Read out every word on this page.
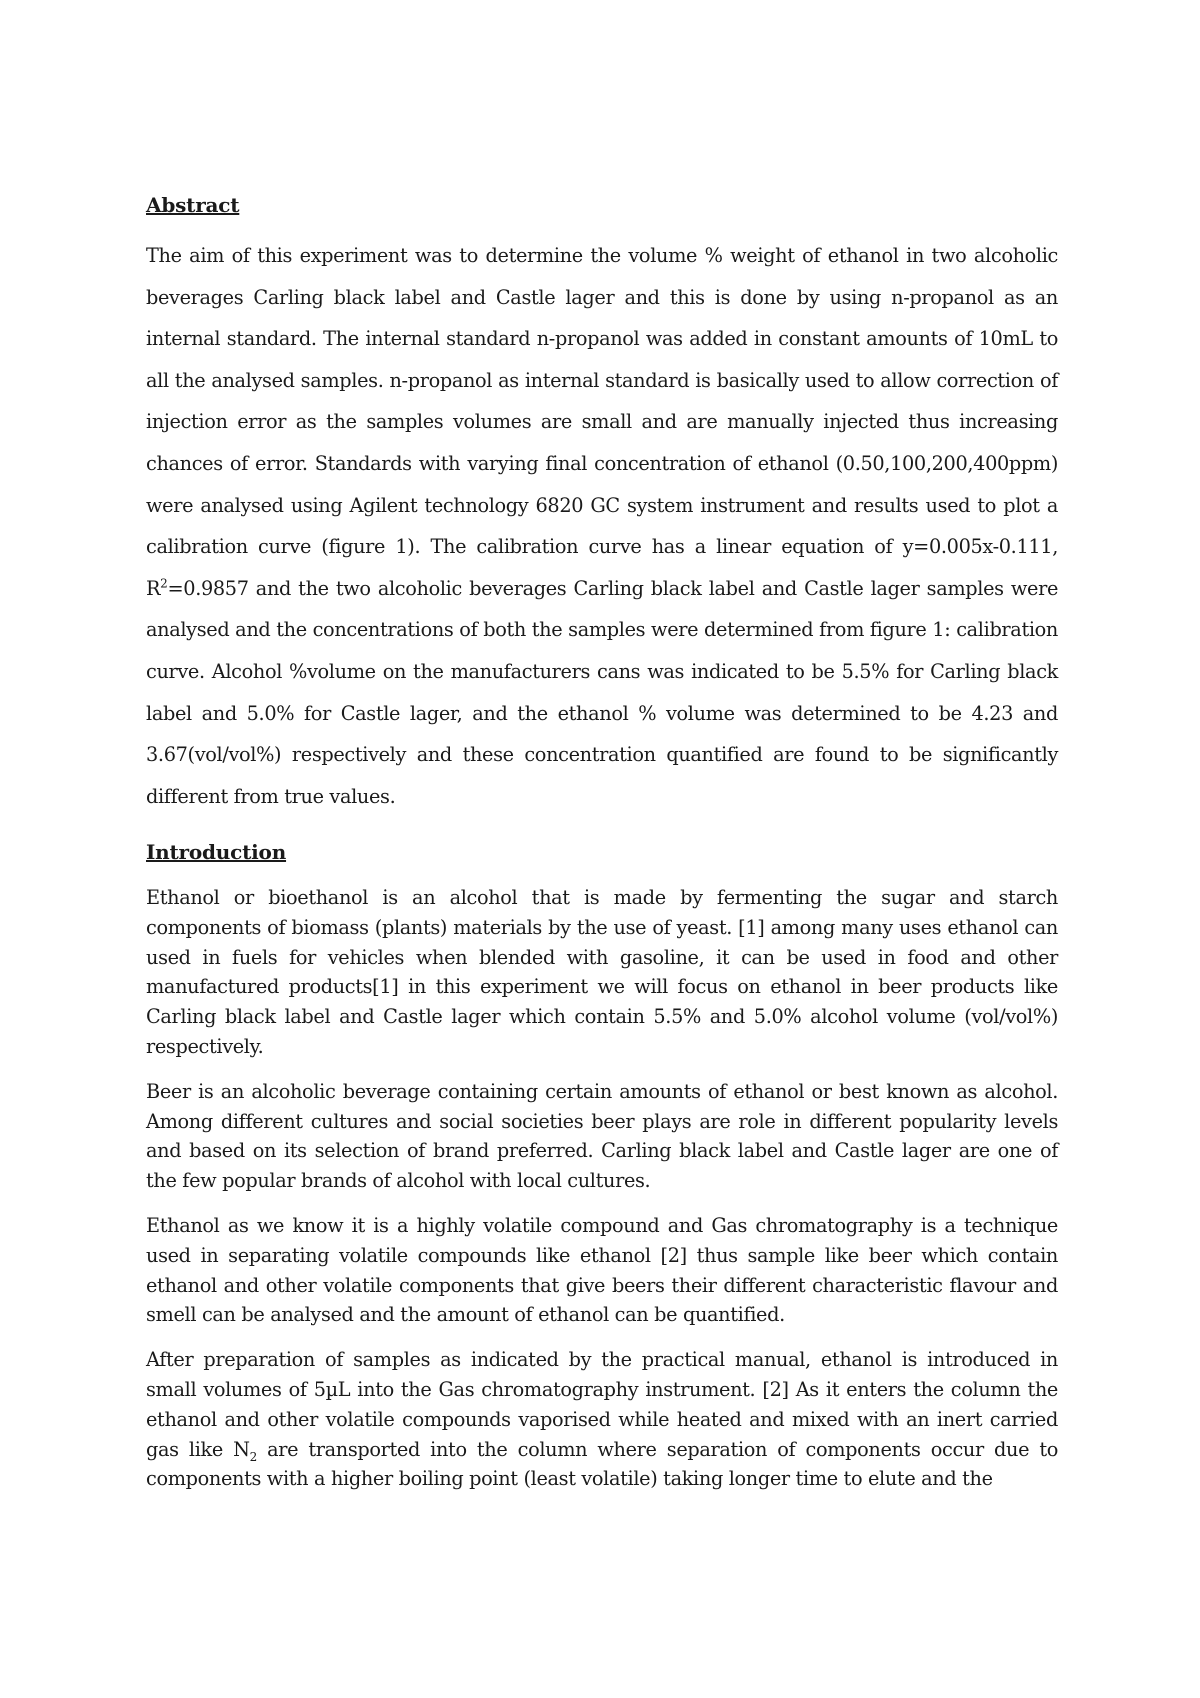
Abstract

The aim of this experiment was to determine the volume % weight of ethanol in two alcoholic beverages Carling black label and Castle lager and this is done by using n-propanol as an internal standard. The internal standard n-propanol was added in constant amounts of 10mL to all the analysed samples. n-propanol as internal standard is basically used to allow correction of injection error as the samples volumes are small and are manually injected thus increasing chances of error. Standards with varying final concentration of ethanol (0.50,100,200,400ppm) were analysed using Agilent technology 6820 GC system instrument and results used to plot a calibration curve (figure 1). The calibration curve has a linear equation of y=0.005x-0.111, $R^2=0.9857$ and the two alcoholic beverages Carling black label and Castle lager samples were analysed and the concentrations of both the samples were determined from figure 1: calibration curve. Alcohol %volume on the manufacturers cans was indicated to be 5.5% for Carling black label and 5.0% for Castle lager, and the ethanol % volume was determined to be 4.23 and 3.67(vol/vol%) respectively and these concentration quantified are found to be significantly different from true values.

Introduction

Ethanol or bioethanol is an alcohol that is made by fermenting the sugar and starch components of biomass (plants) materials by the use of yeast. [1] among many uses ethanol can used in fuels for vehicles when blended with gasoline, it can be used in food and other manufactured products[1] in this experiment we will focus on ethanol in beer products like Carling black label and Castle lager which contain 5.5% and 5.0% alcohol volume (vol/vol%) respectively.

Beer is an alcoholic beverage containing certain amounts of ethanol or best known as alcohol. Among different cultures and social societies beer plays are role in different popularity levels and based on its selection of brand preferred. Carling black label and Castle lager are one of the few popular brands of alcohol with local cultures.

Ethanol as we know it is a highly volatile compound and Gas chromatography is a technique used in separating volatile compounds like ethanol [2] thus sample like beer which contain ethanol and other volatile components that give beers their different characteristic flavour and smell can be analysed and the amount of ethanol can be quantified.

After preparation of samples as indicated by the practical manual, ethanol is introduced in small volumes of 5µL into the Gas chromatography instrument. [2] As it enters the column the ethanol and other volatile compounds vaporised while heated and mixed with an inert carried gas like $N_2$ are transported into the column where separation of components occur due to components with a higher boiling point (least volatile) taking longer time to elute and the
